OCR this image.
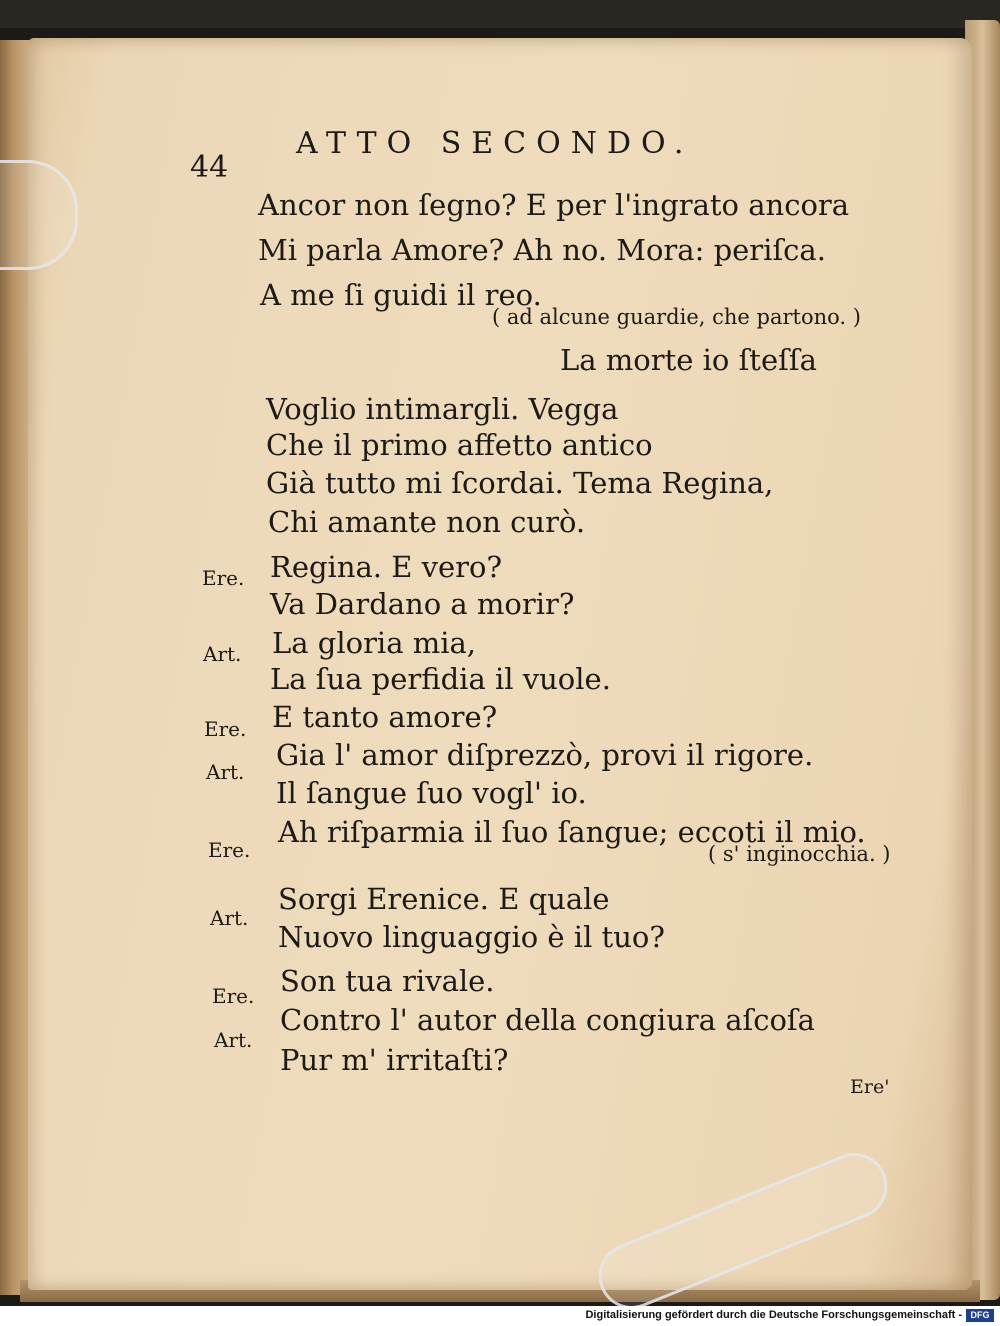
44
ATTO SECONDO.
Ancor non ſegno? E per l'ingrato ancora
Mi parla Amore? Ah no. Mora: periſca.
A me ſi guidi il reo.
( ad alcune guardie, che partono. )
La morte io ſteſſa
Voglio intimargli. Vegga
Che il primo affetto antico
Già tutto mi ſcordai. Tema Regina,
Chi amante non curò.
Ere. Regina. E vero?
Va Dardano a morir?
Art. La gloria mia,
La ſua perfidia il vuole.
Ere. E tanto amore?
Art. Gia l' amor diſprezzò, provi il rigore.
Il ſangue ſuo vogl' io.
Ere.
Ah riſparmia il ſuo ſangue; eccoti il mio.
( s' inginocchia. )
Art.
Sorgi Erenice. E quale
Nuovo linguaggio è il tuo?
Ere. Son tua rivale.
Art.
Contro l' autor della congiura aſcoſa
Pur m' irritaſti?
Ere'
Digitalisierung gefördert durch die Deutsche Forschungsgemeinschaft - DFG
